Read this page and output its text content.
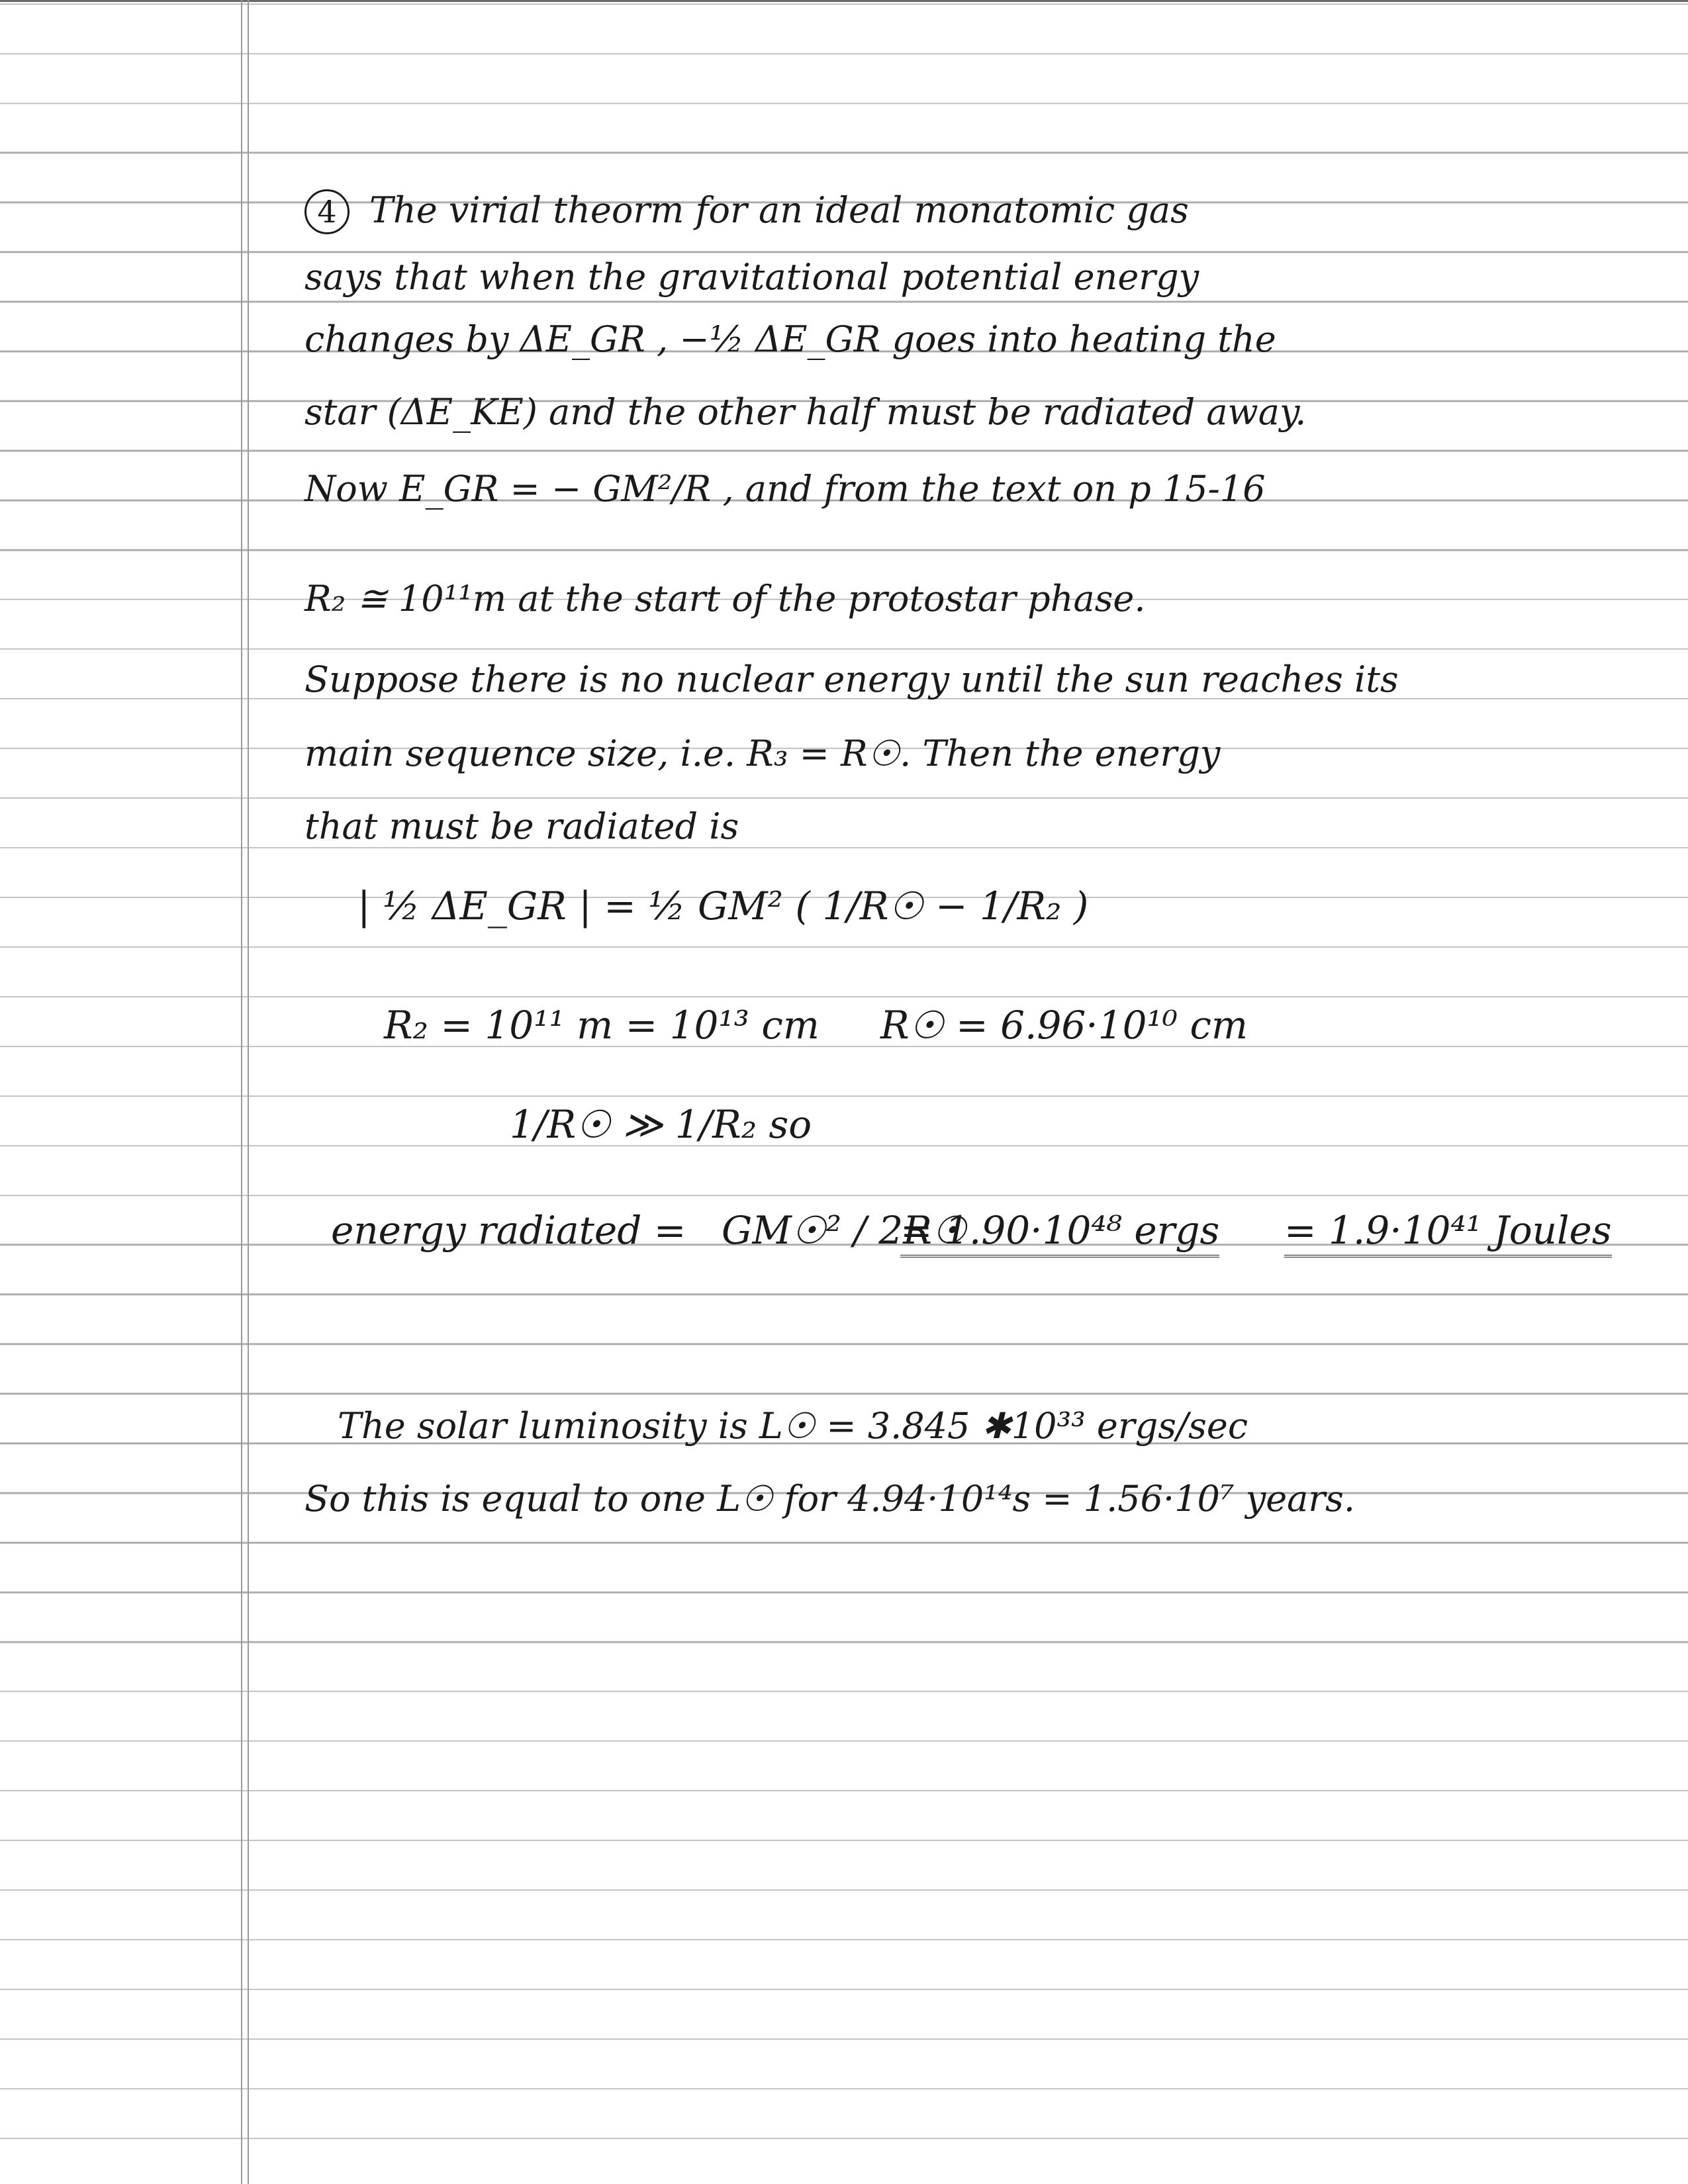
4 The virial theorm for an ideal monatomic gas
says that when the gravitational potential energy
changes by ΔE_GR , −½ ΔE_GR goes into heating the
star (ΔE_KE) and the other half must be radiated away.
Now E_GR = − GM²/R , and from the text on p 15-16
R₂ ≅ 10¹¹m at the start of the protostar phase.
Suppose there is no nuclear energy until the sun reaches its
main sequence size, i.e. R₃ = R☉. Then the energy
that must be radiated is
| ½ ΔE_GR | = ½ GM² ( 1/R☉ − 1/R₂ )
R₂ = 10¹¹ m = 10¹³ cm R☉ = 6.96·10¹⁰ cm
1/R☉ ≫ 1/R₂ so
energy radiated = GM☉² / 2R☉
= 1.90·10⁴⁸ ergs = 1.9·10⁴¹ Joules
The solar luminosity is L☉ = 3.845 ✱10³³ ergs/sec
So this is equal to one L☉ for 4.94·10¹⁴s = 1.56·10⁷ years.
